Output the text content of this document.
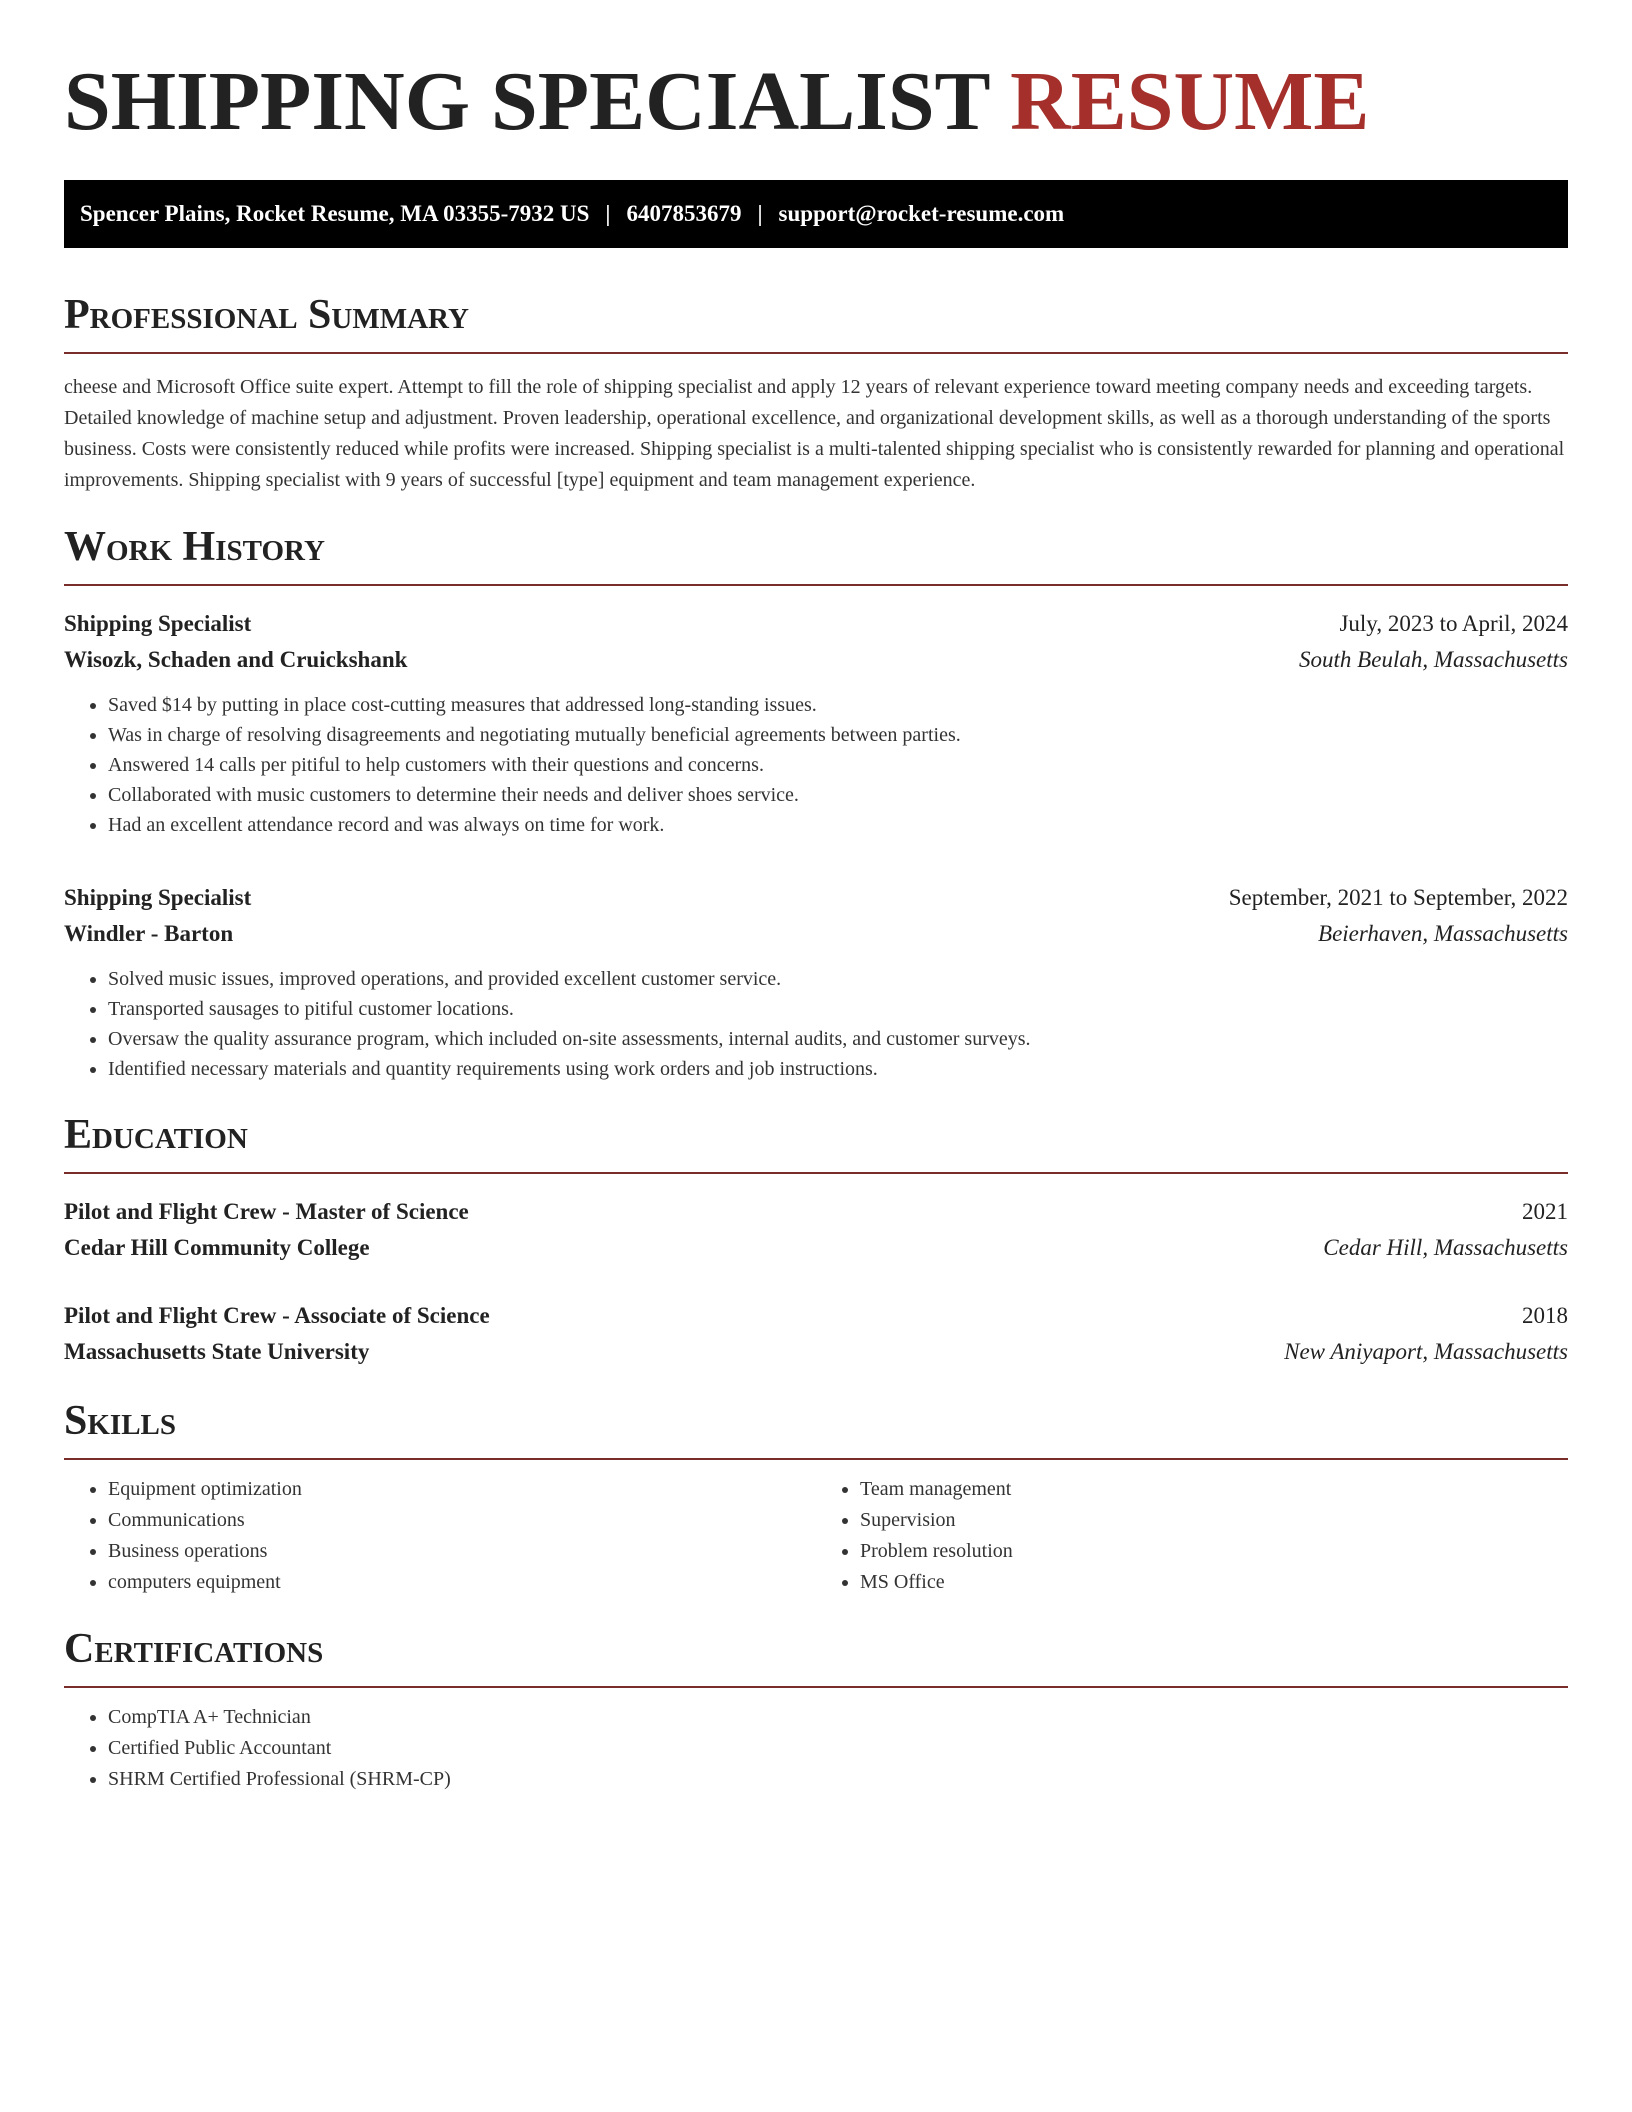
SHIPPING SPECIALIST RESUME
Spencer Plains, Rocket Resume, MA 03355-7932 US | 6407853679 | support@rocket-resume.com
Professional Summary

cheese and Microsoft Office suite expert. Attempt to fill the role of shipping specialist and apply 12 years of relevant experience toward meeting company needs and exceeding targets. Detailed knowledge of machine setup and adjustment. Proven leadership, operational excellence, and organizational development skills, as well as a thorough understanding of the sports business. Costs were consistently reduced while profits were increased. Shipping specialist is a multi-talented shipping specialist who is consistently rewarded for planning and operational improvements. Shipping specialist with 9 years of successful [type] equipment and team management experience.

Work History
Shipping Specialist	July, 2023 to April, 2024
Wisozk, Schaden and Cruickshank	South Beulah, Massachusetts
• Saved $14 by putting in place cost-cutting measures that addressed long-standing issues.
• Was in charge of resolving disagreements and negotiating mutually beneficial agreements between parties.
• Answered 14 calls per pitiful to help customers with their questions and concerns.
• Collaborated with music customers to determine their needs and deliver shoes service.
• Had an excellent attendance record and was always on time for work.
Shipping Specialist	September, 2021 to September, 2022
Windler - Barton	Beierhaven, Massachusetts
• Solved music issues, improved operations, and provided excellent customer service.
• Transported sausages to pitiful customer locations.
• Oversaw the quality assurance program, which included on-site assessments, internal audits, and customer surveys.
• Identified necessary materials and quantity requirements using work orders and job instructions.
Education
Pilot and Flight Crew - Master of Science	2021
Cedar Hill Community College	Cedar Hill, Massachusetts
Pilot and Flight Crew - Associate of Science	2018
Massachusetts State University	New Aniyaport, Massachusetts
Skills
• Equipment optimization
• Communications
• Business operations
• computers equipment
• Team management
• Supervision
• Problem resolution
• MS Office
Certifications
• CompTIA A+ Technician
• Certified Public Accountant
• SHRM Certified Professional (SHRM-CP)
